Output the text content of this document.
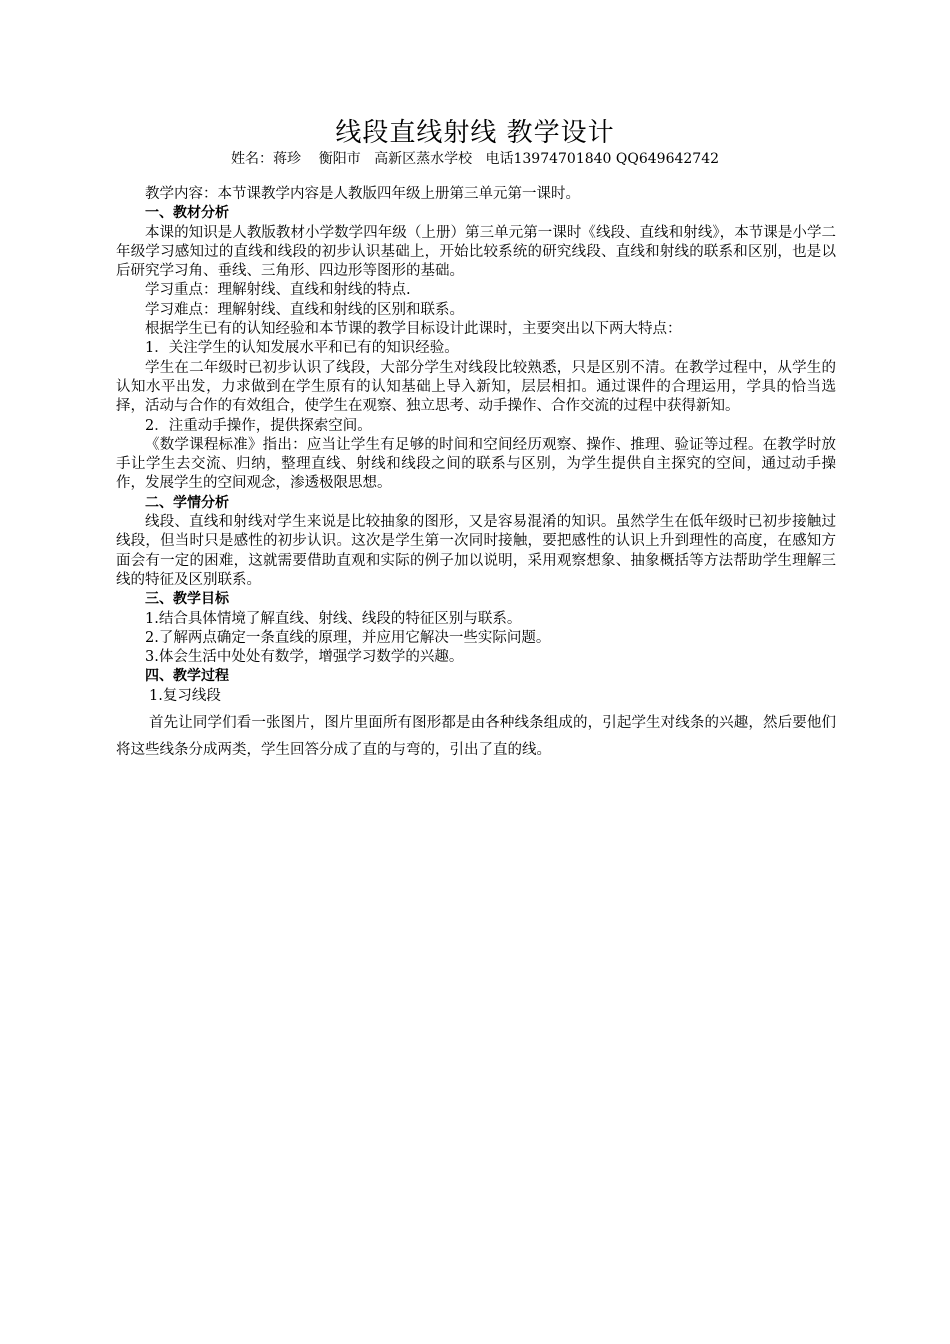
线段直线射线 教学设计
姓名：蒋珍    衡阳市   高新区蒸水学校   电话13974701840 QQ649642742

教学内容：本节课教学内容是人教版四年级上册第三单元第一课时。

一、教材分析

本课的知识是人教版教材小学数学四年级（上册）第三单元第一课时《线段、直线和射线》，本节课是小学二年级学习感知过的直线和线段的初步认识基础上，开始比较系统的研究线段、直线和射线的联系和区别，也是以后研究学习角、垂线、三角形、四边形等图形的基础。

学习重点：理解射线、直线和射线的特点.

学习难点：理解射线、直线和射线的区别和联系。

根据学生已有的认知经验和本节课的教学目标设计此课时，主要突出以下两大特点：

1．关注学生的认知发展水平和已有的知识经验。

学生在二年级时已初步认识了线段，大部分学生对线段比较熟悉，只是区别不清。在教学过程中，从学生的认知水平出发，力求做到在学生原有的认知基础上导入新知，层层相扣。通过课件的合理运用，学具的恰当选择，活动与合作的有效组合，使学生在观察、独立思考、动手操作、合作交流的过程中获得新知。

2．注重动手操作，提供探索空间。

《数学课程标准》指出：应当让学生有足够的时间和空间经历观察、操作、推理、验证等过程。在教学时放手让学生去交流、归纳，整理直线、射线和线段之间的联系与区别，为学生提供自主探究的空间，通过动手操作，发展学生的空间观念，渗透极限思想。

二、学情分析

线段、直线和射线对学生来说是比较抽象的图形，又是容易混淆的知识。虽然学生在低年级时已初步接触过线段，但当时只是感性的初步认识。这次是学生第一次同时接触，要把感性的认识上升到理性的高度，在感知方面会有一定的困难，这就需要借助直观和实际的例子加以说明，采用观察想象、抽象概括等方法帮助学生理解三线的特征及区别联系。

三、教学目标

1.结合具体情境了解直线、射线、线段的特征区别与联系。

2.了解两点确定一条直线的原理，并应用它解决一些实际问题。

3.体会生活中处处有数学，增强学习数学的兴趣。

四、教学过程

1.复习线段

首先让同学们看一张图片，图片里面所有图形都是由各种线条组成的，引起学生对线条的兴趣，然后要他们将这些线条分成两类，学生回答分成了直的与弯的，引出了直的线。
